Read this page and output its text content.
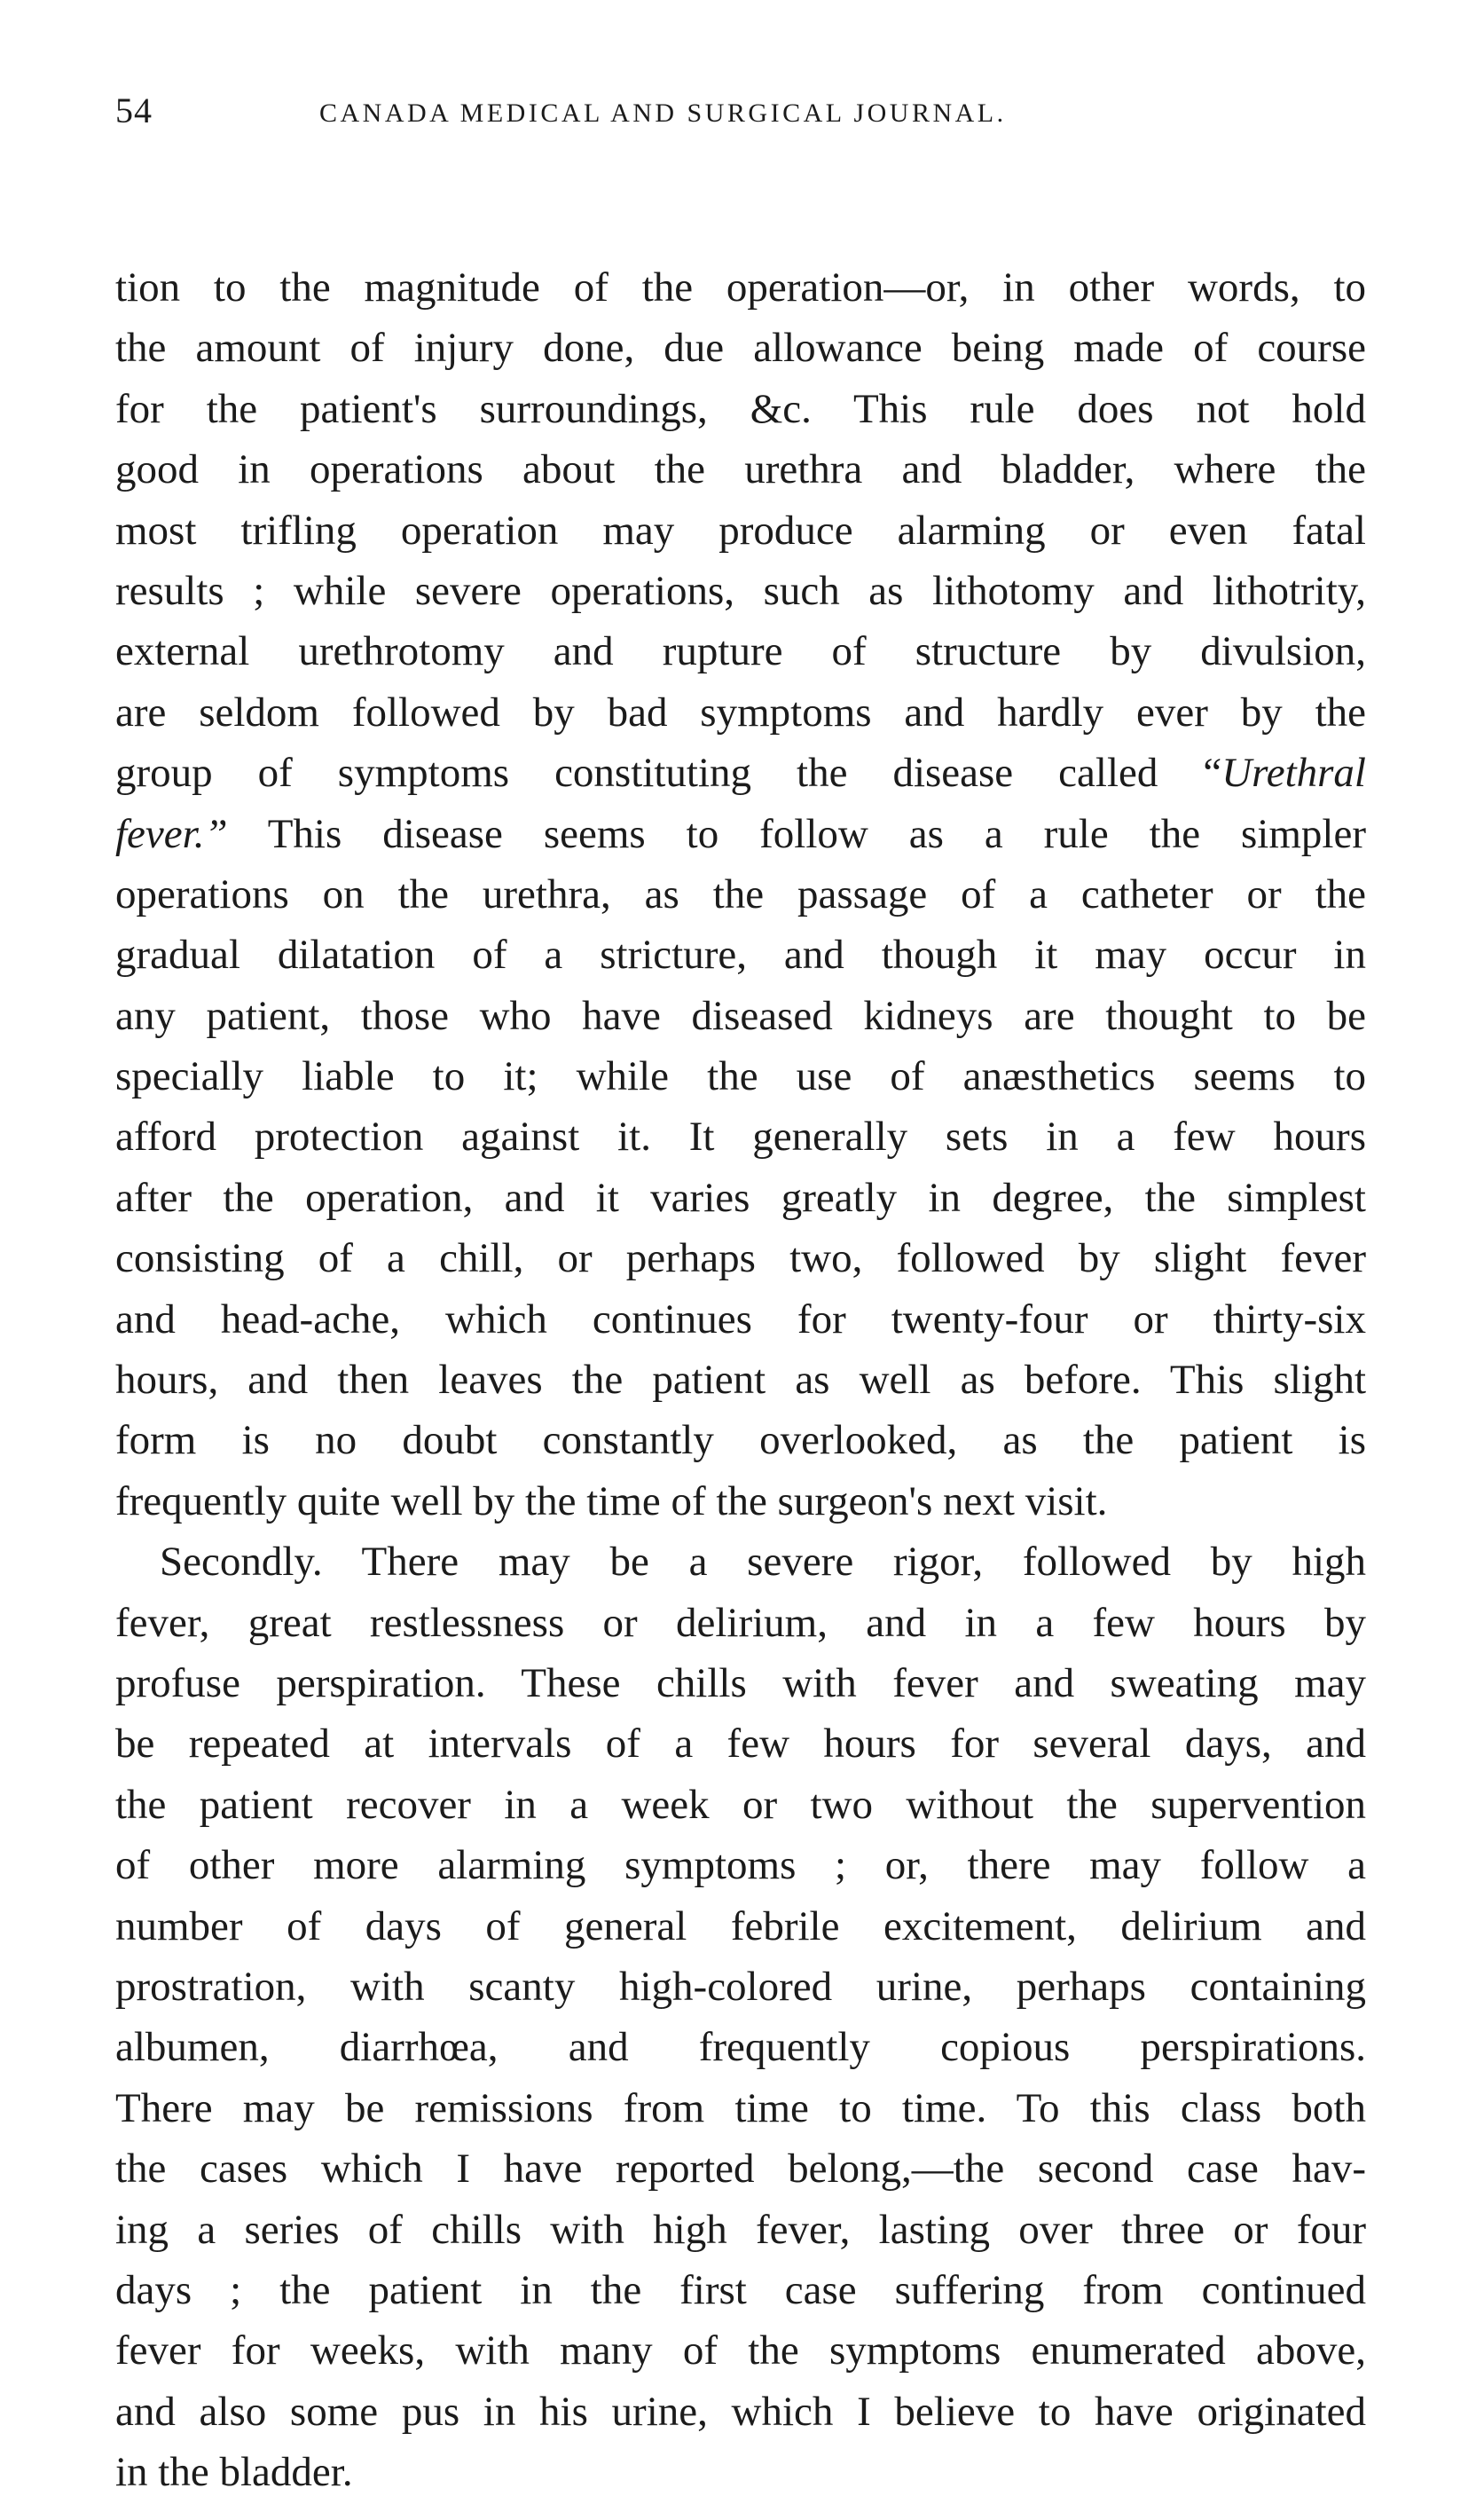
54	CANADA MEDICAL AND SURGICAL JOURNAL.
tion to the magnitude of the operation—or, in other words, to
the amount of injury done, due allowance being made of course
for the patient's surroundings, &c. This rule does not hold
good in operations about the urethra and bladder, where the
most trifling operation may produce alarming or even fatal
results ; while severe operations, such as lithotomy and lithotrity,
external urethrotomy and rupture of structure by divulsion,
are seldom followed by bad symptoms and hardly ever by the
group of symptoms constituting the disease called “Urethral
fever.” This disease seems to follow as a rule the simpler
operations on the urethra, as the passage of a catheter or the
gradual dilatation of a stricture, and though it may occur in
any patient, those who have diseased kidneys are thought to be
specially liable to it; while the use of anæsthetics seems to
afford protection against it. It generally sets in a few hours
after the operation, and it varies greatly in degree, the simplest
consisting of a chill, or perhaps two, followed by slight fever
and head-ache, which continues for twenty-four or thirty-six
hours, and then leaves the patient as well as before. This slight
form is no doubt constantly overlooked, as the patient is
frequently quite well by the time of the surgeon's next visit.
Secondly. There may be a severe rigor, followed by high
fever, great restlessness or delirium, and in a few hours by
profuse perspiration. These chills with fever and sweating may
be repeated at intervals of a few hours for several days, and
the patient recover in a week or two without the supervention
of other more alarming symptoms ; or, there may follow a
number of days of general febrile excitement, delirium and
prostration, with scanty high-colored urine, perhaps containing
albumen, diarrhœa, and frequently copious perspirations.
There may be remissions from time to time. To this class both
the cases which I have reported belong,—the second case hav-
ing a series of chills with high fever, lasting over three or four
days ; the patient in the first case suffering from continued
fever for weeks, with many of the symptoms enumerated above,
and also some pus in his urine, which I believe to have originated
in the bladder.
